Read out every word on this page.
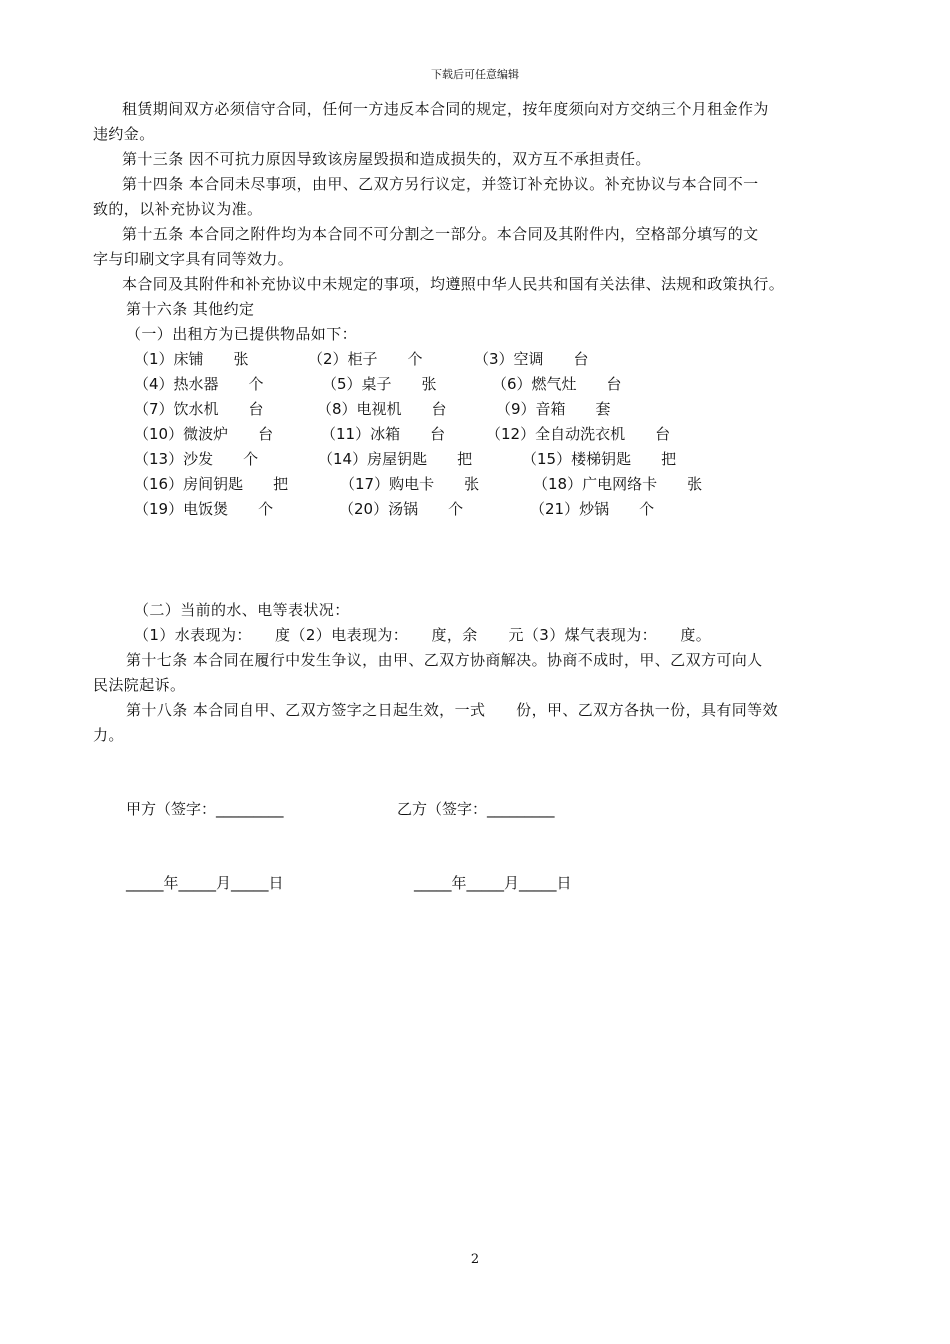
下载后可任意编辑
租赁期间双方必须信守合同，任何一方违反本合同的规定，按年度须向对方交纳三个月租金作为
违约金。
第十三条 因不可抗力原因导致该房屋毁损和造成损失的，双方互不承担责任。
第十四条 本合同未尽事项，由甲、乙双方另行议定，并签订补充协议。补充协议与本合同不一
致的，以补充协议为准。
第十五条 本合同之附件均为本合同不可分割之一部分。本合同及其附件内，空格部分填写的文
字与印刷文字具有同等效力。
本合同及其附件和补充协议中未规定的事项，均遵照中华人民共和国有关法律、法规和政策执行。
第十六条 其他约定
（一）出租方为已提供物品如下：
（1）床铺　　张	（2）柜子　　个	（3）空调　　台
（4）热水器　　个	（5）桌子　　张	（6）燃气灶　　台
（7）饮水机　　台	（8）电视机　　台	（9）音箱　　套
（10）微波炉　　台	（11）冰箱　　台	（12）全自动洗衣机　　台
（13）沙发　　个	（14）房屋钥匙　　把	（15）楼梯钥匙　　把
（16）房间钥匙　　把	（17）购电卡　　张	（18）广电网络卡　　张
（19）电饭煲　　个	（20）汤锅　　个	（21）炒锅　　个
（二）当前的水、电等表状况：
（1）水表现为：　　度（2）电表现为：　　度，余　　元（3）煤气表现为：　　度。
第十七条 本合同在履行中发生争议，由甲、乙双方协商解决。协商不成时，甲、乙双方可向人
民法院起诉。
第十八条 本合同自甲、乙双方签字之日起生效，一式　　份，甲、乙双方各执一份，具有同等效
力。
甲方（签字：_________	乙方（签字：_________
_____年_____月_____日	_____年_____月_____日
2
